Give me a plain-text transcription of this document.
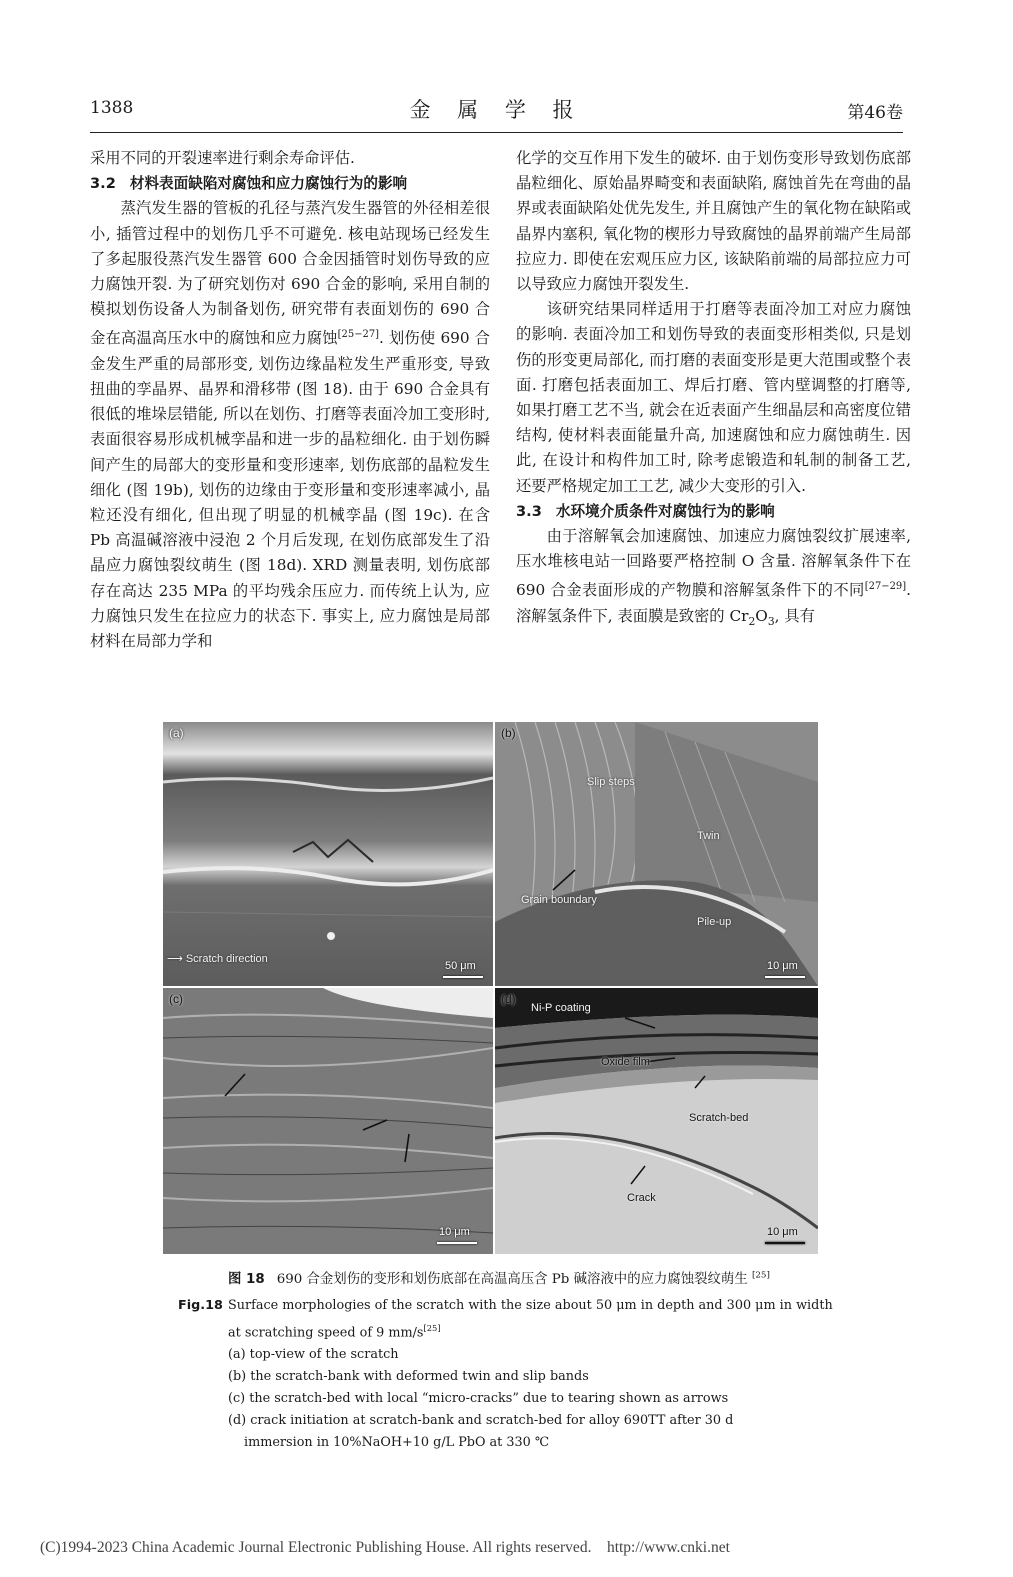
1388	金 属 学 报	第46卷

采用不同的开裂速率进行剩余寿命评估.

3.2 材料表面缺陷对腐蚀和应力腐蚀行为的影响

蒸汽发生器的管板的孔径与蒸汽发生器管的外径相差很小, 插管过程中的划伤几乎不可避免. 核电站现场已经发生了多起服役蒸汽发生器管 600 合金因插管时划伤导致的应力腐蚀开裂. 为了研究划伤对 690 合金的影响, 采用自制的模拟划伤设备人为制备划伤, 研究带有表面划伤的 690 合金在高温高压水中的腐蚀和应力腐蚀[25−27]. 划伤使 690 合金发生严重的局部形变, 划伤边缘晶粒发生严重形变, 导致扭曲的孪晶界、晶界和滑移带 (图 18). 由于 690 合金具有很低的堆垛层错能, 所以在划伤、打磨等表面冷加工变形时, 表面很容易形成机械孪晶和进一步的晶粒细化. 由于划伤瞬间产生的局部大的变形量和变形速率, 划伤底部的晶粒发生细化 (图 19b), 划伤的边缘由于变形量和变形速率减小, 晶粒还没有细化, 但出现了明显的机械孪晶 (图 19c). 在含 Pb 高温碱溶液中浸泡 2 个月后发现, 在划伤底部发生了沿晶应力腐蚀裂纹萌生 (图 18d). XRD 测量表明, 划伤底部存在高达 235 MPa 的平均残余压应力. 而传统上认为, 应力腐蚀只发生在拉应力的状态下. 事实上, 应力腐蚀是局部材料在局部力学和

化学的交互作用下发生的破坏. 由于划伤变形导致划伤底部晶粒细化、原始晶界畸变和表面缺陷, 腐蚀首先在弯曲的晶界或表面缺陷处优先发生, 并且腐蚀产生的氧化物在缺陷或晶界内塞积, 氧化物的楔形力导致腐蚀的晶界前端产生局部拉应力. 即使在宏观压应力区, 该缺陷前端的局部拉应力可以导致应力腐蚀开裂发生.

该研究结果同样适用于打磨等表面冷加工对应力腐蚀的影响. 表面冷加工和划伤导致的表面变形相类似, 只是划伤的形变更局部化, 而打磨的表面变形是更大范围或整个表面. 打磨包括表面加工、焊后打磨、管内壁调整的打磨等, 如果打磨工艺不当, 就会在近表面产生细晶层和高密度位错结构, 使材料表面能量升高, 加速腐蚀和应力腐蚀萌生. 因此, 在设计和构件加工时, 除考虑锻造和轧制的制备工艺, 还要严格规定加工工艺, 减少大变形的引入.

3.3 水环境介质条件对腐蚀行为的影响

由于溶解氧会加速腐蚀、加速应力腐蚀裂纹扩展速率, 压水堆核电站一回路要严格控制 O 含量. 溶解氧条件下在 690 合金表面形成的产物膜和溶解氢条件下的不同[27−29]. 溶解氢条件下, 表面膜是致密的 $Cr_2O_3$, 具有

(a)
⟶ Scratch direction
50 μm
(b)
Slip steps
Twin
Grain boundary
Pile-up
10 μm
(c)
10 μm
(d)
Ni-P coating
Oxide film
Scratch-bed
Crack
10 μm
图 18 690 合金划伤的变形和划伤底部在高温高压含 Pb 碱溶液中的应力腐蚀裂纹萌生 [25]
Fig.18 Surface morphologies of the scratch with the size about 50 μm in depth and 300 μm in width
at scratching speed of 9 mm/s[25]
(a) top-view of the scratch
(b) the scratch-bank with deformed twin and slip bands
(c) the scratch-bed with local “micro-cracks” due to tearing shown as arrows
(d) crack initiation at scratch-bank and scratch-bed for alloy 690TT after 30 d
immersion in 10%NaOH+10 g/L PbO at 330 ℃
(C)1994-2023 China Academic Journal Electronic Publishing House. All rights reserved.    http://www.cnki.net
